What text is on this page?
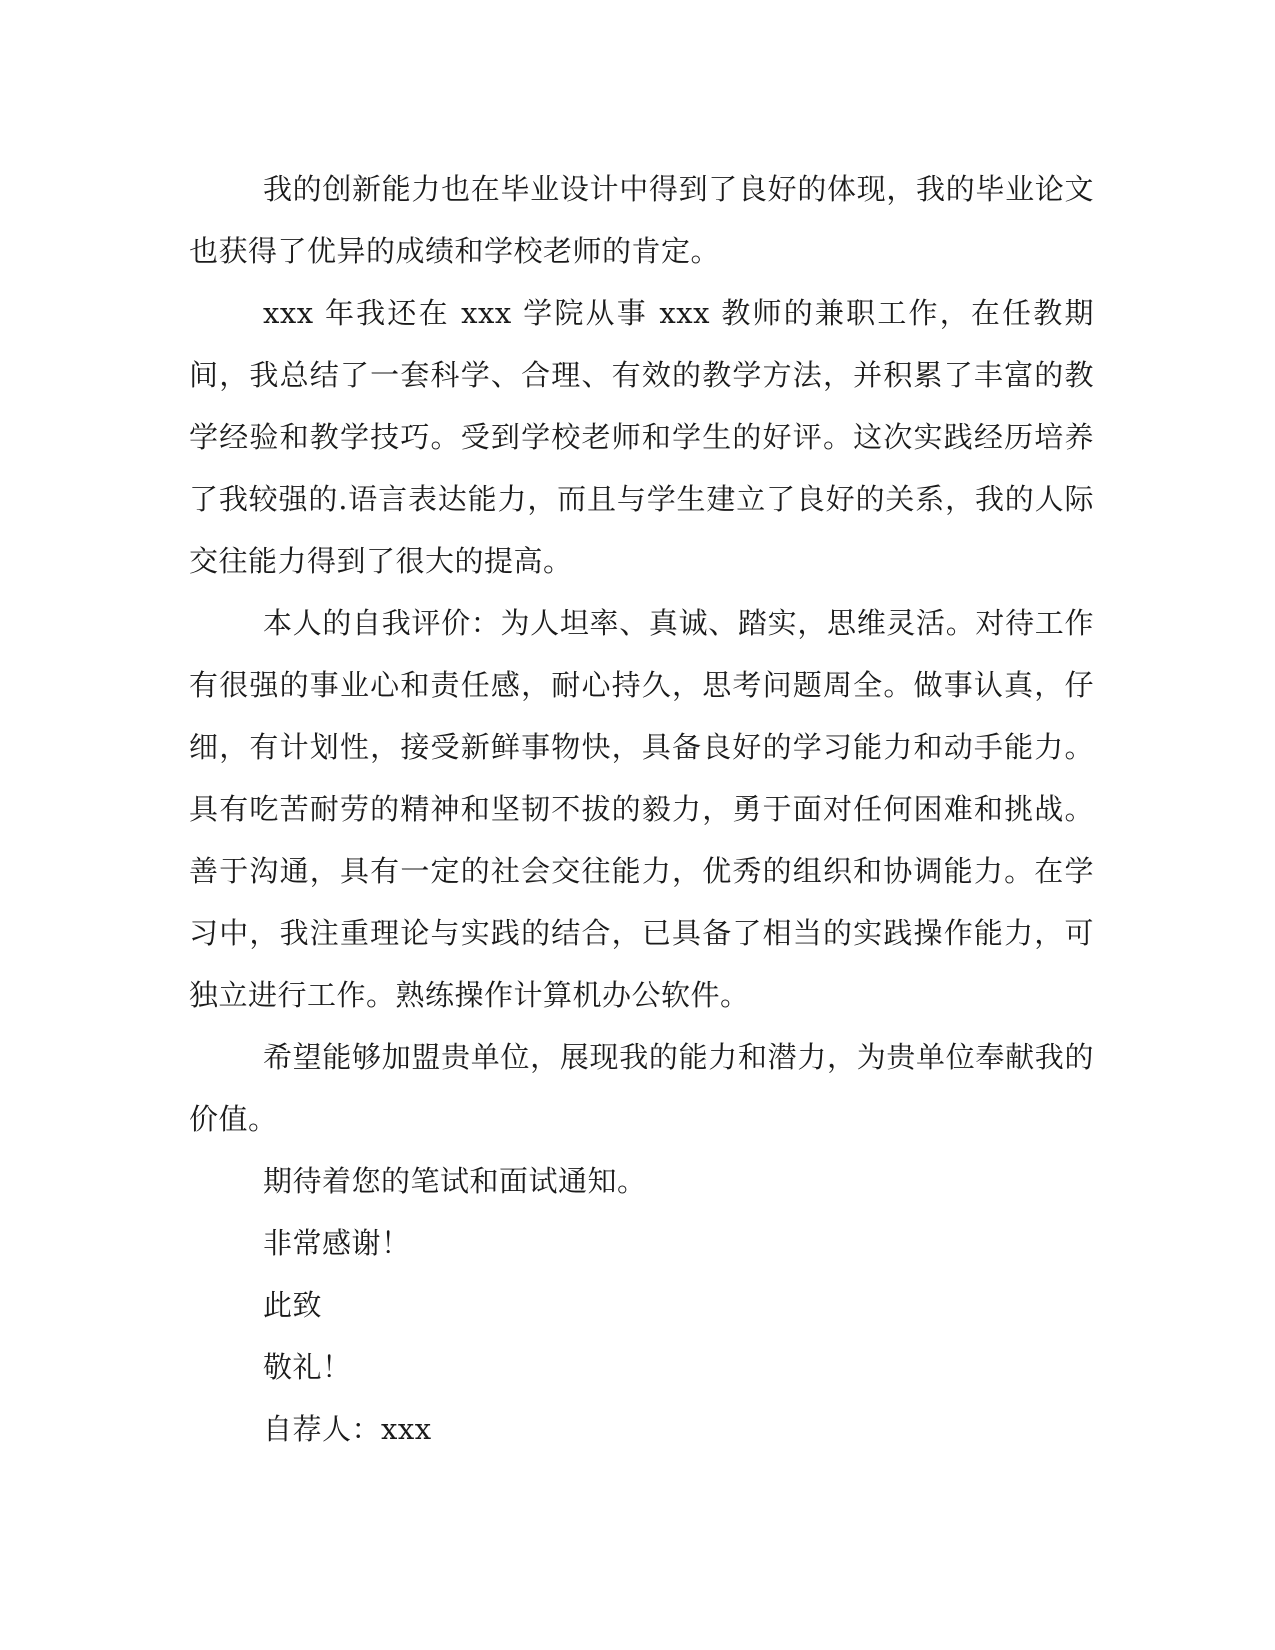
我的创新能力也在毕业设计中得到了良好的体现，我的毕业论文也获得了优异的成绩和学校老师的肯定。

xxx 年我还在 xxx 学院从事 xxx 教师的兼职工作，在任教期间，我总结了一套科学、合理、有效的教学方法，并积累了丰富的教学经验和教学技巧。受到学校老师和学生的好评。这次实践经历培养了我较强的.语言表达能力，而且与学生建立了良好的关系，我的人际交往能力得到了很大的提高。

本人的自我评价：为人坦率、真诚、踏实，思维灵活。对待工作有很强的事业心和责任感，耐心持久，思考问题周全。做事认真，仔细，有计划性，接受新鲜事物快，具备良好的学习能力和动手能力。具有吃苦耐劳的精神和坚韧不拔的毅力，勇于面对任何困难和挑战。善于沟通，具有一定的社会交往能力，优秀的组织和协调能力。在学习中，我注重理论与实践的结合，已具备了相当的实践操作能力，可独立进行工作。熟练操作计算机办公软件。

希望能够加盟贵单位，展现我的能力和潜力，为贵单位奉献我的价值。

期待着您的笔试和面试通知。

非常感谢！

此致

敬礼！

自荐人：xxx
